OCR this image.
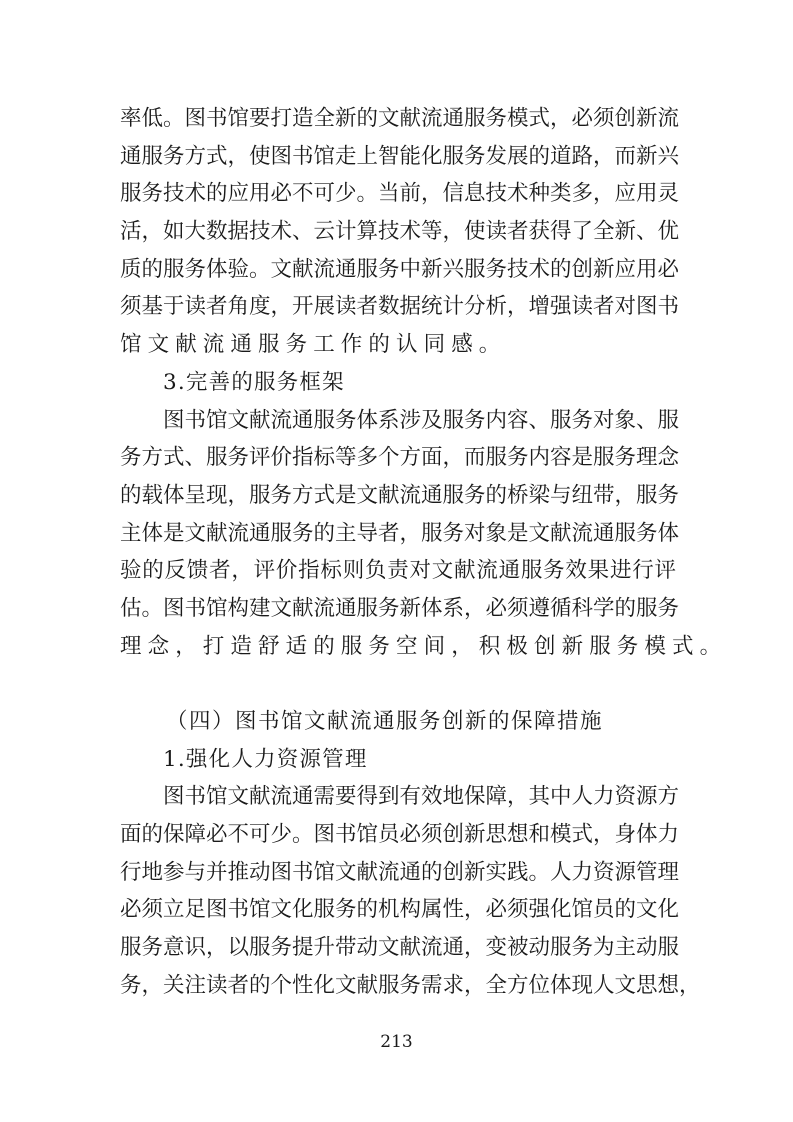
率低。图书馆要打造全新的文献流通服务模式，必须创新流
通服务方式，使图书馆走上智能化服务发展的道路，而新兴
服务技术的应用必不可少。当前，信息技术种类多，应用灵
活，如大数据技术、云计算技术等，使读者获得了全新、优
质的服务体验。文献流通服务中新兴服务技术的创新应用必
须基于读者角度，开展读者数据统计分析，增强读者对图书
馆文献流通服务工作的认同感。
3.完善的服务框架
图书馆文献流通服务体系涉及服务内容、服务对象、服
务方式、服务评价指标等多个方面，而服务内容是服务理念
的载体呈现，服务方式是文献流通服务的桥梁与纽带，服务
主体是文献流通服务的主导者，服务对象是文献流通服务体
验的反馈者，评价指标则负责对文献流通服务效果进行评
估。图书馆构建文献流通服务新体系，必须遵循科学的服务
理念，打造舒适的服务空间，积极创新服务模式。
（四）图书馆文献流通服务创新的保障措施
1.强化人力资源管理
图书馆文献流通需要得到有效地保障，其中人力资源方
面的保障必不可少。图书馆员必须创新思想和模式，身体力
行地参与并推动图书馆文献流通的创新实践。人力资源管理
必须立足图书馆文化服务的机构属性，必须强化馆员的文化
服务意识，以服务提升带动文献流通，变被动服务为主动服
务，关注读者的个性化文献服务需求，全方位体现人文思想，
213
